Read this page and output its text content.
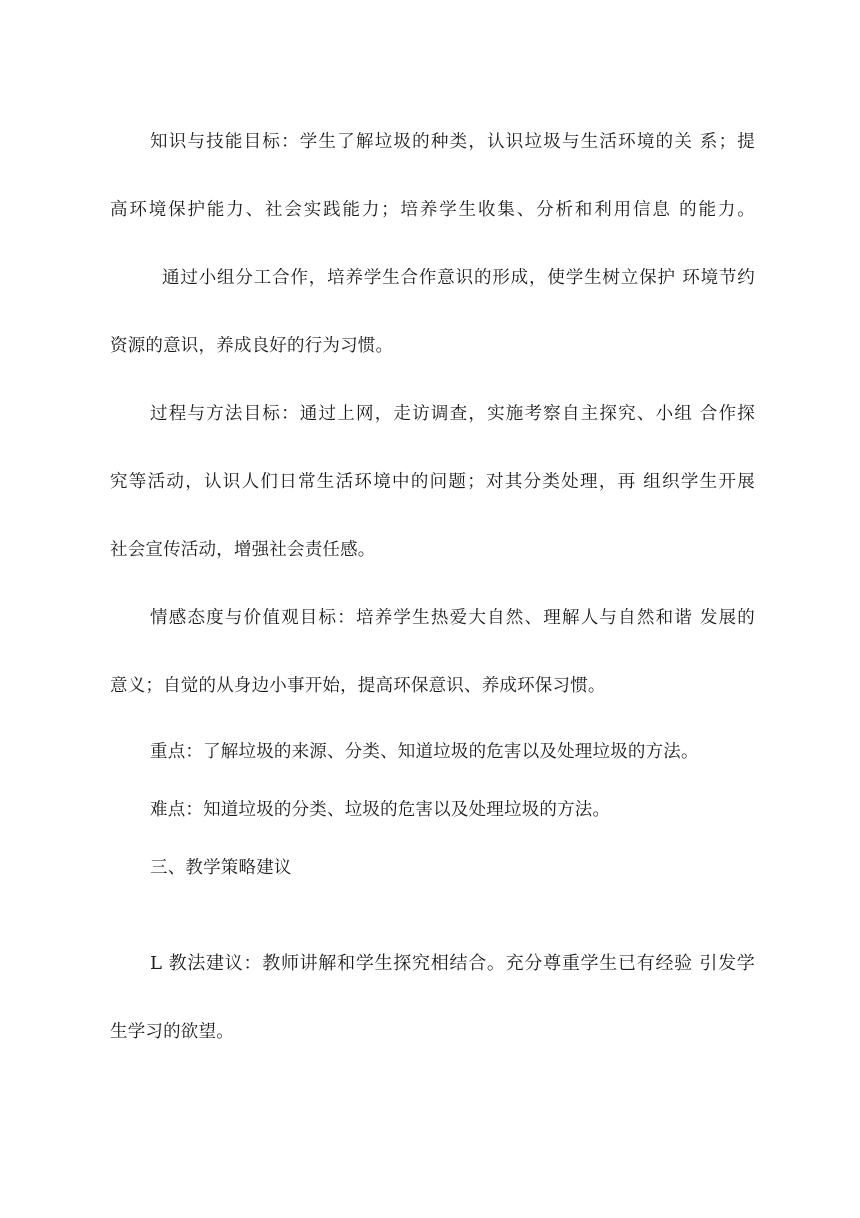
知识与技能目标：学生了解垃圾的种类，认识垃圾与生活环境的关 系；提
高环境保护能力、社会实践能力；培养学生收集、分析和利用信息 的能力。
通过小组分工合作，培养学生合作意识的形成，使学生树立保护 环境节约
资源的意识，养成良好的行为习惯。
过程与方法目标：通过上网，走访调查，实施考察自主探究、小组 合作探
究等活动，认识人们日常生活环境中的问题；对其分类处理，再 组织学生开展
社会宣传活动，增强社会责任感。
情感态度与价值观目标：培养学生热爱大自然、理解人与自然和谐 发展的
意义；自觉的从身边小事开始，提高环保意识、养成环保习惯。
重点：了解垃圾的来源、分类、知道垃圾的危害以及处理垃圾的方法。
难点：知道垃圾的分类、垃圾的危害以及处理垃圾的方法。
三、教学策略建议
L 教法建议：教师讲解和学生探究相结合。充分尊重学生已有经验 引发学
生学习的欲望。
